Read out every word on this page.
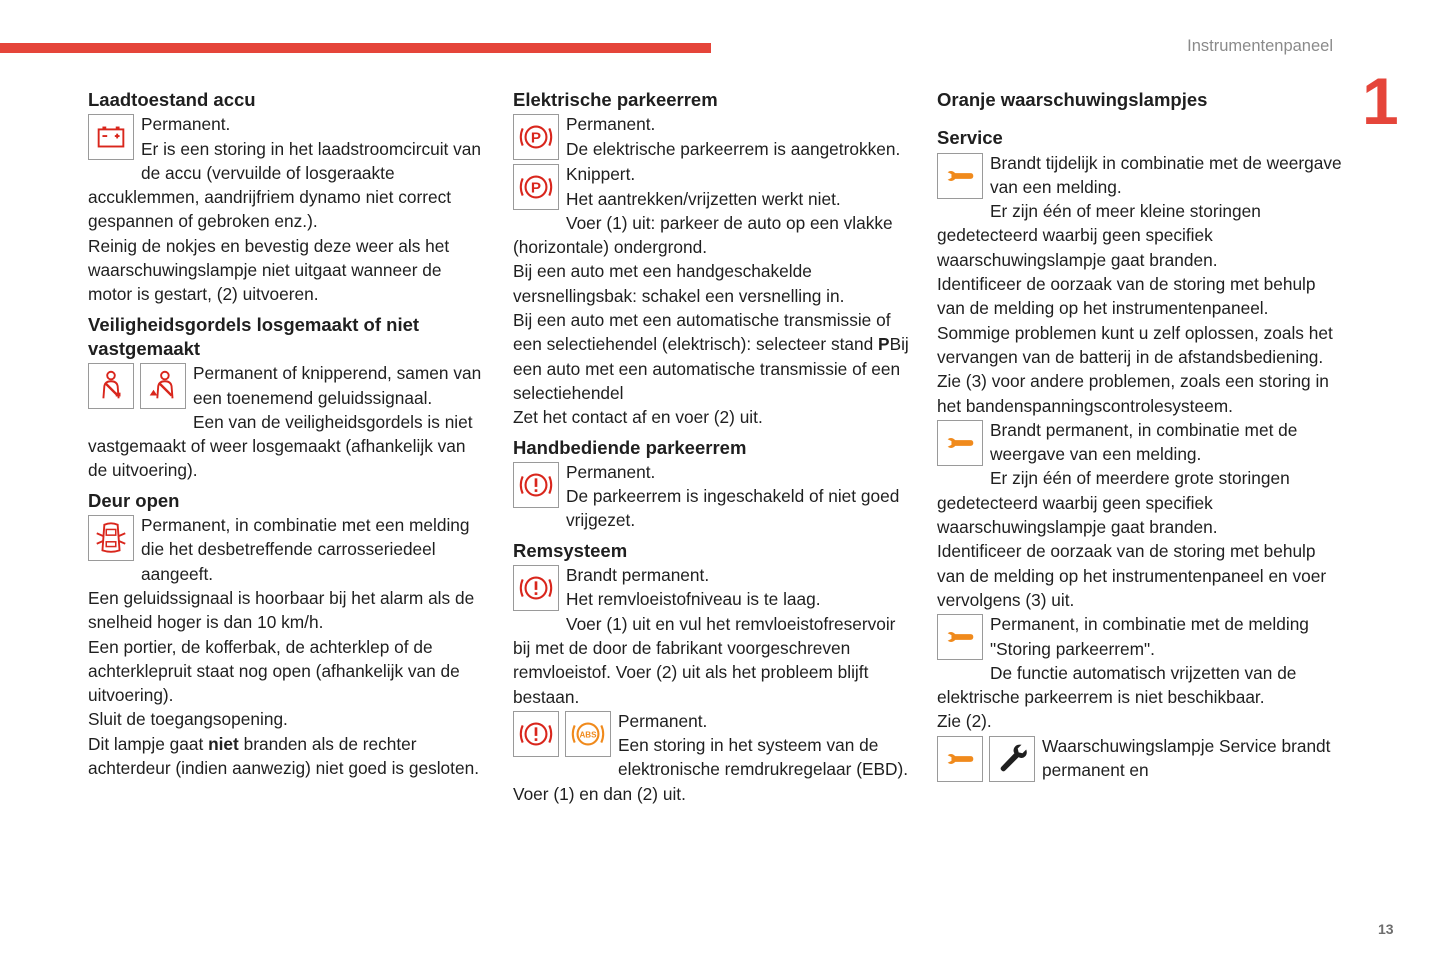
Instrumentenpaneel
1
13
Laadtoestand accu

Permanent.

Er is een storing in het laadstroomcircuit van de accu (vervuilde of losgeraakte accuklemmen, aandrijfriem dynamo niet correct gespannen of gebroken enz.).

Reinig de nokjes en bevestig deze weer als het waarschuwingslampje niet uitgaat wanneer de motor is gestart, (2) uitvoeren.

Veiligheidsgordels losgemaakt of niet vastgemaakt

Permanent of knipperend, samen van een toenemend geluidssignaal.

Een van de veiligheidsgordels is niet vastgemaakt of weer losgemaakt (afhankelijk van de uitvoering).

Deur open

Permanent, in combinatie met een melding die het desbetreffende carrosseriedeel aangeeft.

Een geluidssignaal is hoorbaar bij het alarm als de snelheid hoger is dan 10 km/h.

Een portier, de kofferbak, de achterklep of de achterklepruit staat nog open (afhankelijk van de uitvoering).

Sluit de toegangsopening.

Dit lampje gaat niet branden als de rechter achterdeur (indien aanwezig) niet goed is gesloten.

Elektrische parkeerrem
P

Permanent.

De elektrische parkeerrem is aangetrokken.

P

Knippert.

Het aantrekken/vrijzetten werkt niet.

Voer (1) uit: parkeer de auto op een vlakke (horizontale) ondergrond.

Bij een auto met een handgeschakelde versnellingsbak: schakel een versnelling in.

Bij een auto met een automatische transmissie of een selectiehendel (elektrisch): selecteer stand PBij een auto met een automatische transmissie of een selectiehendel

Zet het contact af en voer (2) uit.

Handbediende parkeerrem

Permanent.

De parkeerrem is ingeschakeld of niet goed vrijgezet.

Remsysteem

Brandt permanent.

Het remvloeistofniveau is te laag.

Voer (1) uit en vul het remvloeistofreservoir bij met de door de fabrikant voorgeschreven remvloeistof. Voer (2) uit als het probleem blijft bestaan.

ABS

Permanent.

Een storing in het systeem van de elektronische remdrukregelaar (EBD).

Voer (1) en dan (2) uit.

Oranje waarschuwingslampjes
Service

Brandt tijdelijk in combinatie met de weergave van een melding.

Er zijn één of meer kleine storingen gedetecteerd waarbij geen specifiek waarschuwingslampje gaat branden.

Identificeer de oorzaak van de storing met behulp van de melding op het instrumentenpaneel.

Sommige problemen kunt u zelf oplossen, zoals het vervangen van de batterij in de afstandsbediening.

Zie (3) voor andere problemen, zoals een storing in het bandenspanningscontrolesysteem.

Brandt permanent, in combinatie met de weergave van een melding.

Er zijn één of meerdere grote storingen gedetecteerd waarbij geen specifiek waarschuwingslampje gaat branden.

Identificeer de oorzaak van de storing met behulp van de melding op het instrumentenpaneel en voer vervolgens (3) uit.

Permanent, in combinatie met de melding "Storing parkeerrem".

De functie automatisch vrijzetten van de elektrische parkeerrem is niet beschikbaar.

Zie (2).

Waarschuwingslampje Service brandt permanent en
